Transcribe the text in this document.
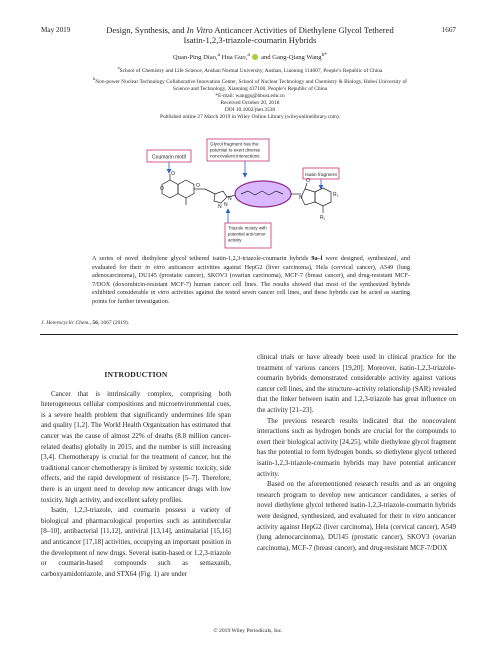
May 2019	1667
Design, Synthesis, and In Vitro Anticancer Activities of Diethylene Glycol Tethered Isatin-1,2,3-triazole-coumarin Hybrids
Quan-Ping Diao,$^a$ Hua Guo,$^a$  and Gang-Qiang Wang$^{b*}$
$^a$School of Chemistry and Life Science, Anshan Normal University, Anshan, Liaoning 114007, People’s Republic of China
$^b$Non-power Nuclear Technology Collaborative Innovation Center, School of Nuclear Technology and Chemistry & Biology, Hubei University of Science and Technology, Xianning 437100, People’s Republic of China
*E-mail: wanggq@hbust.edu.cn
Received October 20, 2018
DOI 10.1002/jhet.3538
Published online 27 March 2019 in Wiley Online Library (wileyonlinelibrary.com).
Coumarin motif
Glycol fragment has the potential to exert diverse noncovalent interactions
Isatin fragment
Triazole moiety with potential anti-tumor activity
O
O	O
N N
N
O
N	R₂
R₁
A series of novel diethylene glycol tethered isatin-1,2,3-triazole-coumarin hybrids 9a–l were designed, synthesized, and evaluated for their in vitro anticancer activities against HepG2 (liver carcinoma), Hela (cervical cancer), A549 (lung adenocarcinoma), DU145 (prostatic cancer), SKOV3 (ovarian carcinoma), MCF-7 (breast cancer), and drug-resistant MCF-7/DOX (doxorubicin-resistant MCF-7) human cancer cell lines. The results showed that most of the synthesized hybrids exhibited considerable in vitro activities against the tested seven cancer cell lines, and these hybrids can be acted as starting points for further investigation.
J. Heterocyclic Chem., 56, 1667 (2019).

INTRODUCTION

Cancer that is intrinsically complex, comprising both heterogeneous cellular compositions and microenvironmental cues, is a severe health problem that significantly undermines life span and quality [1,2]. The World Health Organization has estimated that cancer was the cause of almost 22% of deaths (8.8 million cancer-related deaths) globally in 2015, and the number is still increasing [3,4]. Chemotherapy is crucial for the treatment of cancer, but the traditional cancer chemotherapy is limited by systemic toxicity, side effects, and the rapid development of resistance [5–7]. Therefore, there is an urgent need to develop new anticancer drugs with low toxicity, high activity, and excellent safety profiles.

Isatin, 1,2,3-triazole, and coumarin possess a variety of biological and pharmacological properties such as antitubercular [8–10], antibacterial [11,12], antiviral [13,14], antimalarial [15,16] and anticancer [17,18] activities, occupying an important position in the development of new drugs. Several isatin-based or 1,2,3-triazole or coumarin-based compounds such as semaxanib, carboxyamidotriazole, and STX64 (Fig. 1) are under

clinical trials or have already been used in clinical practice for the treatment of various cancers [19,20]. Moreover, isatin-1,2,3-triazole-coumarin hybrids demonstrated considerable activity against various cancer cell lines, and the structure–activity relationship (SAR) revealed that the linker between isatin and 1,2,3-triazole has great influence on the activity [21–23].

The previous research results indicated that the noncovalent interactions such as hydrogen bonds are crucial for the compounds to exert their biological activity [24,25], while diethylene glycol fragment has the potential to form hydrogen bonds, so diethylene glycol tethered isatin-1,2,3-triazole-coumarin hybrids may have potential anticancer activity.

Based on the aforementioned research results and as an ongoing research program to develop new anticancer candidates, a series of novel diethylene glycol tethered isatin-1,2,3-triazole-coumarin hybrids were designed, synthesized, and evaluated for their in vitro anticancer activity against HepG2 (liver carcinoma), Hela (cervical cancer), A549 (lung adenocarcinoma), DU145 (prostatic cancer), SKOV3 (ovarian carcinoma), MCF-7 (breast cancer), and drug-resistant MCF-7/DOX

© 2019 Wiley Periodicals, Inc.
